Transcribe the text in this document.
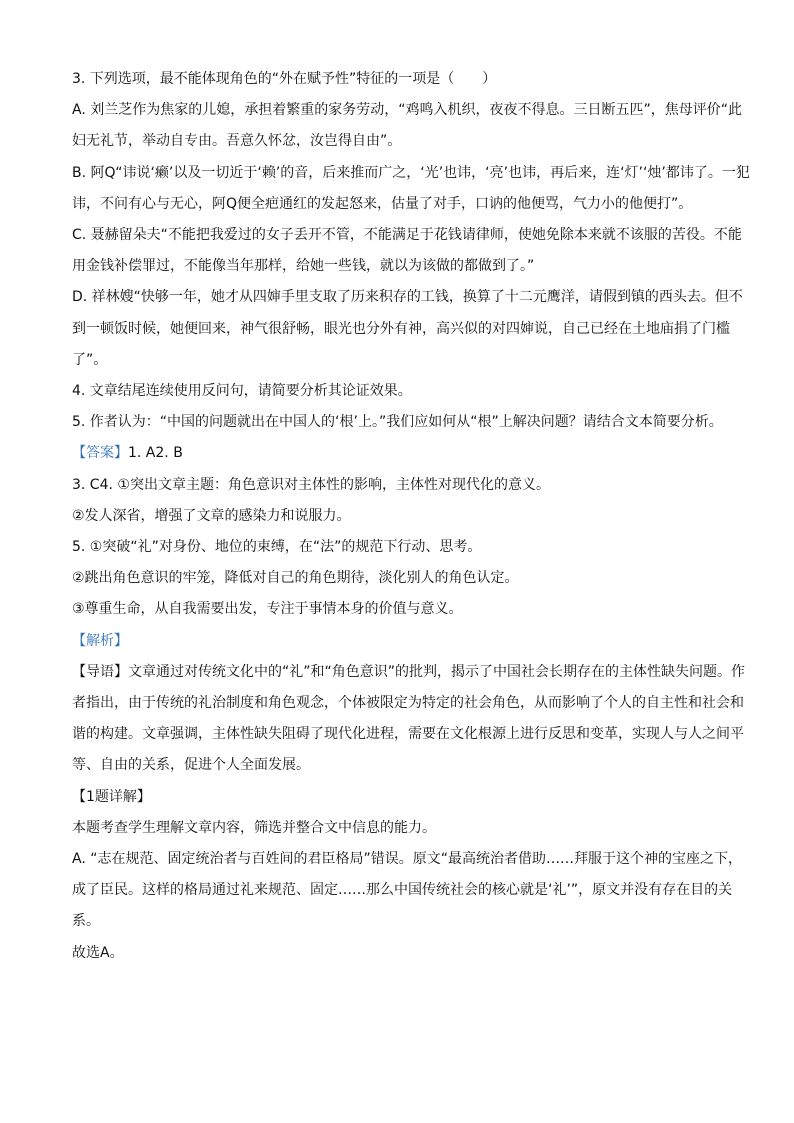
3. 下列选项，最不能体现角色的“外在赋予性”特征的一项是（　　）

A. 刘兰芝作为焦家的儿媳，承担着繁重的家务劳动，“鸡鸣入机织，夜夜不得息。三日断五匹”，焦母评价“此妇无礼节，举动自专由。吾意久怀忿，汝岂得自由”。

B. 阿Q“讳说‘癞’以及一切近于‘赖’的音，后来推而广之，‘光’也讳，‘亮’也讳，再后来，连‘灯’‘烛’都讳了。一犯讳，不问有心与无心，阿Q便全疤通红的发起怒来，估量了对手，口讷的他便骂，气力小的他便打”。

C. 聂赫留朵夫“不能把我爱过的女子丢开不管，不能满足于花钱请律师，使她免除本来就不该服的苦役。不能用金钱补偿罪过，不能像当年那样，给她一些钱，就以为该做的都做到了。”

D. 祥林嫂“快够一年，她才从四婶手里支取了历来积存的工钱，换算了十二元鹰洋，请假到镇的西头去。但不到一顿饭时候，她便回来，神气很舒畅，眼光也分外有神，高兴似的对四婶说，自己已经在土地庙捐了门槛了”。

4. 文章结尾连续使用反问句，请简要分析其论证效果。

5. 作者认为：“中国的问题就出在中国人的‘根’上。”我们应如何从“根”上解决问题？请结合文本简要分析。

【答案】1. A2. B

3. C4. ①突出文章主题：角色意识对主体性的影响，主体性对现代化的意义。

②发人深省，增强了文章的感染力和说服力。

5. ①突破“礼”对身份、地位的束缚，在“法”的规范下行动、思考。

②跳出角色意识的牢笼，降低对自己的角色期待，淡化别人的角色认定。

③尊重生命，从自我需要出发，专注于事情本身的价值与意义。

【解析】

【导语】文章通过对传统文化中的“礼”和“角色意识”的批判，揭示了中国社会长期存在的主体性缺失问题。作者指出，由于传统的礼治制度和角色观念，个体被限定为特定的社会角色，从而影响了个人的自主性和社会和谐的构建。文章强调，主体性缺失阻碍了现代化进程，需要在文化根源上进行反思和变革，实现人与人之间平等、自由的关系，促进个人全面发展。

【1题详解】

本题考查学生理解文章内容，筛选并整合文中信息的能力。

A. “志在规范、固定统治者与百姓间的君臣格局”错误。原文“最高统治者借助……拜服于这个神的宝座之下，成了臣民。这样的格局通过礼来规范、固定……那么中国传统社会的核心就是‘礼’”，原文并没有存在目的关系。

故选A。
